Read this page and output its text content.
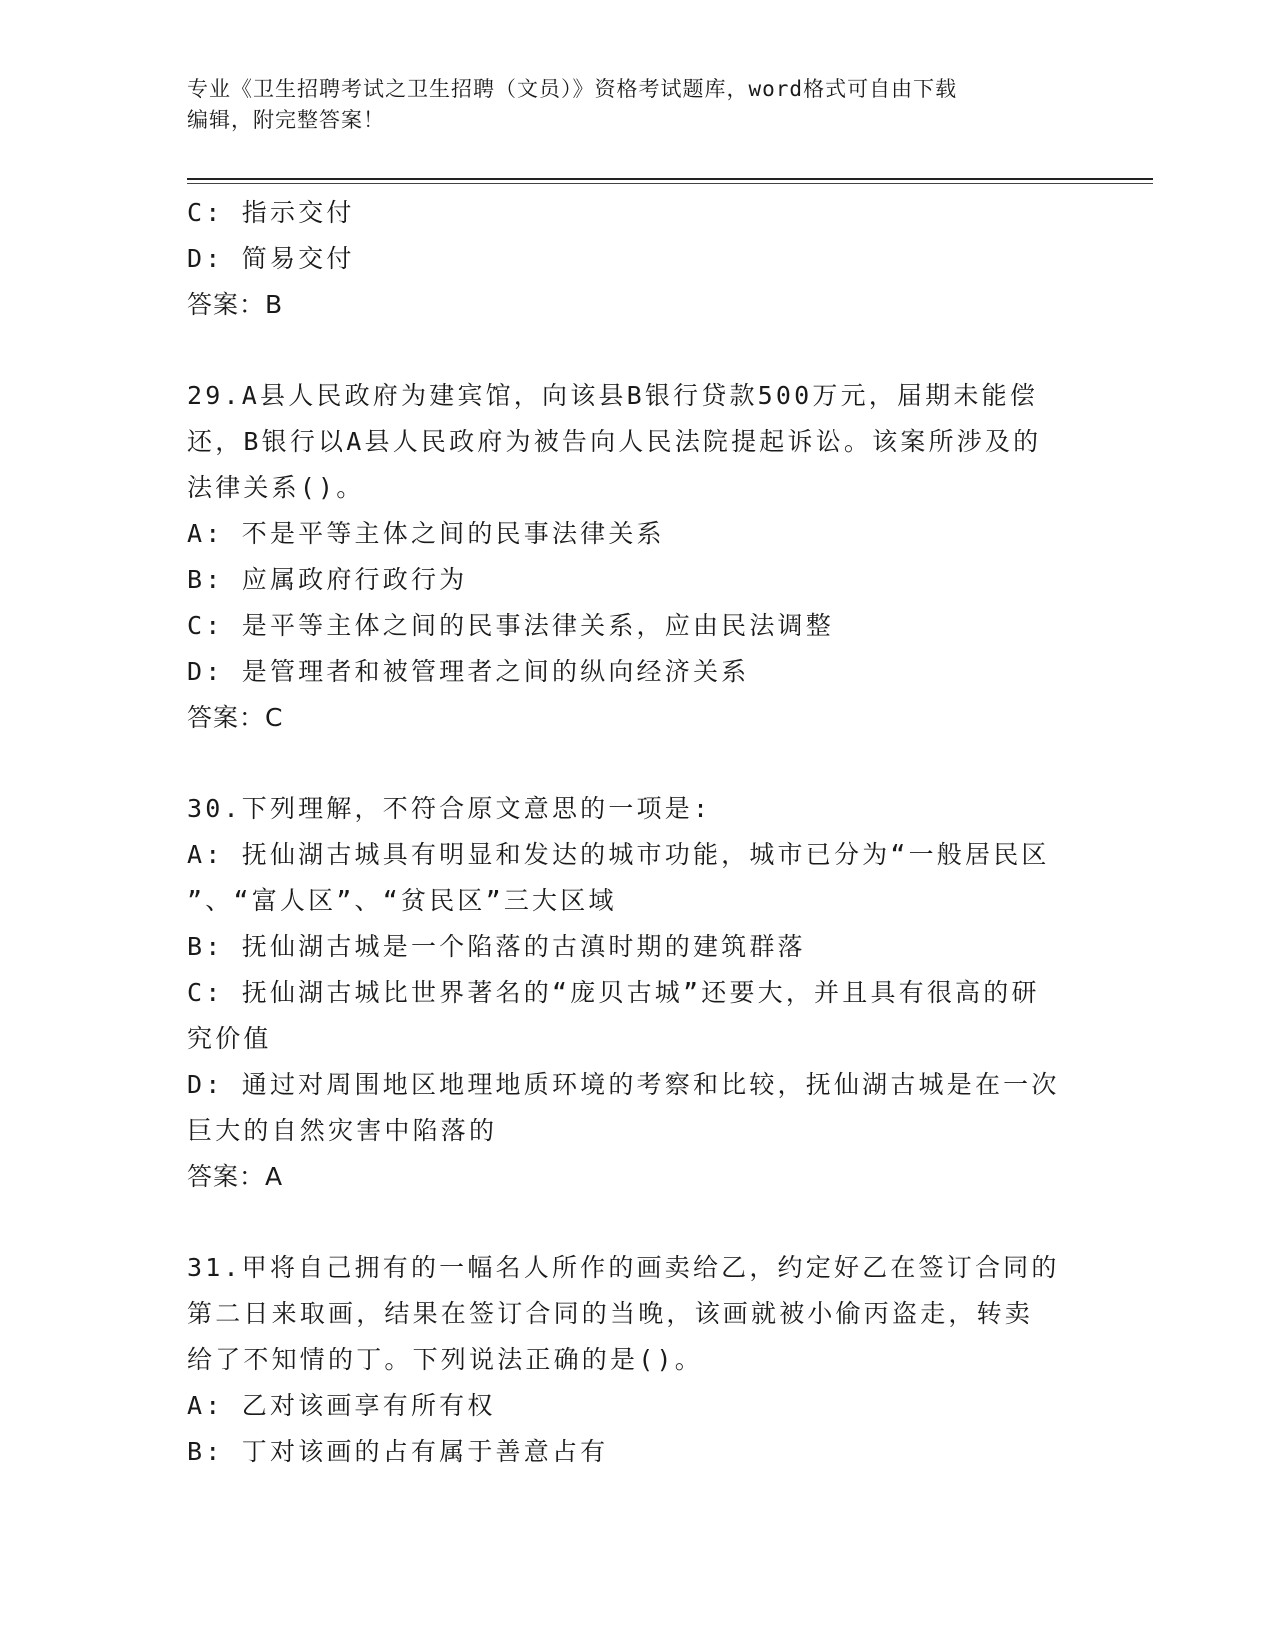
专业《卫生招聘考试之卫生招聘（文员）》资格考试题库，word格式可自由下载
编辑，附完整答案！
C: 指示交付
D: 简易交付
答案：B
29.A县人民政府为建宾馆，向该县B银行贷款500万元，届期未能偿
还，B银行以A县人民政府为被告向人民法院提起诉讼。该案所涉及的
法律关系()。
A: 不是平等主体之间的民事法律关系
B: 应属政府行政行为
C: 是平等主体之间的民事法律关系，应由民法调整
D: 是管理者和被管理者之间的纵向经济关系
答案：C
30.下列理解，不符合原文意思的一项是:
A: 抚仙湖古城具有明显和发达的城市功能，城市已分为“一般居民区
”、“富人区”、“贫民区”三大区域
B: 抚仙湖古城是一个陷落的古滇时期的建筑群落
C: 抚仙湖古城比世界著名的“庞贝古城”还要大，并且具有很高的研
究价值
D: 通过对周围地区地理地质环境的考察和比较，抚仙湖古城是在一次
巨大的自然灾害中陷落的
答案：A
31.甲将自己拥有的一幅名人所作的画卖给乙，约定好乙在签订合同的
第二日来取画，结果在签订合同的当晚，该画就被小偷丙盗走，转卖
给了不知情的丁。下列说法正确的是()。
A: 乙对该画享有所有权
B: 丁对该画的占有属于善意占有
